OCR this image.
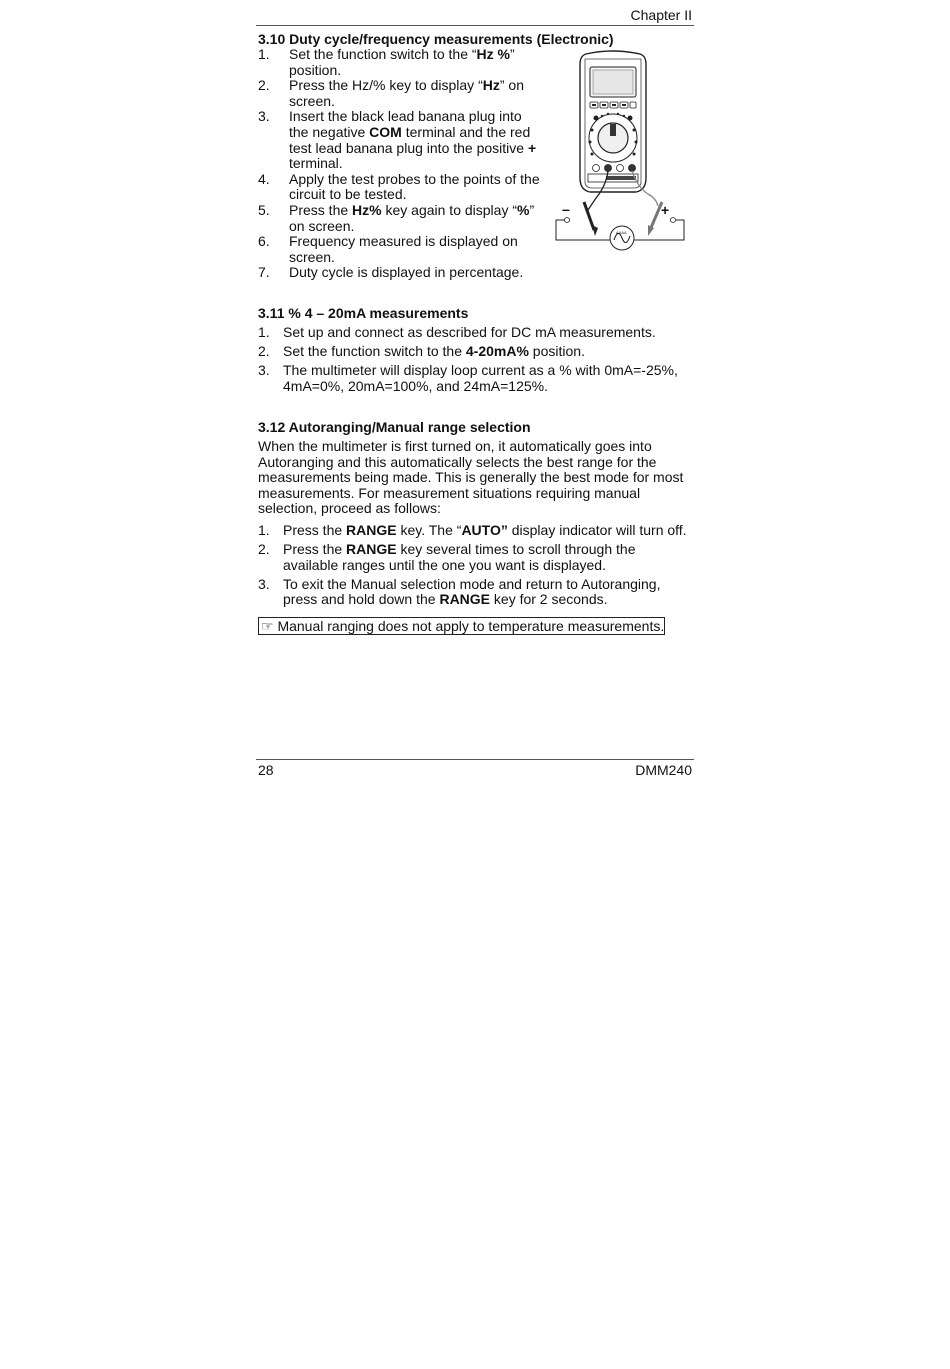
Chapter II
3.10 Duty cycle/frequency measurements (Electronic)
1. Set the function switch to the “Hz %” position.
2. Press the Hz/% key to display “Hz” on screen.
3. Insert the black lead banana plug into the negative COM terminal and the red test lead banana plug into the positive + terminal.
4. Apply the test probes to the points of the circuit to be tested.
5. Press the Hz% key again to display “%” on screen.
6. Frequency measured is displayed on screen.
7. Duty cycle is displayed in percentage.
AAAA
–	+
3.11 % 4 – 20mA measurements
1. Set up and connect as described for DC mA measurements.
2. Set the function switch to the 4-20mA% position.
3. The multimeter will display loop current as a % with 0mA=-25%, 4mA=0%, 20mA=100%, and 24mA=125%.
3.12 Autoranging/Manual range selection

When the multimeter is first turned on, it automatically goes into Autoranging and this automatically selects the best range for the measurements being made. This is generally the best mode for most measurements. For measurement situations requiring manual selection, proceed as follows:

1. Press the RANGE key. The “AUTO” display indicator will turn off.
2. Press the RANGE key several times to scroll through the available ranges until the one you want is displayed.
3. To exit the Manual selection mode and return to Autoranging, press and hold down the RANGE key for 2 seconds.
☞ Manual ranging does not apply to temperature measurements.
28	DMM240
